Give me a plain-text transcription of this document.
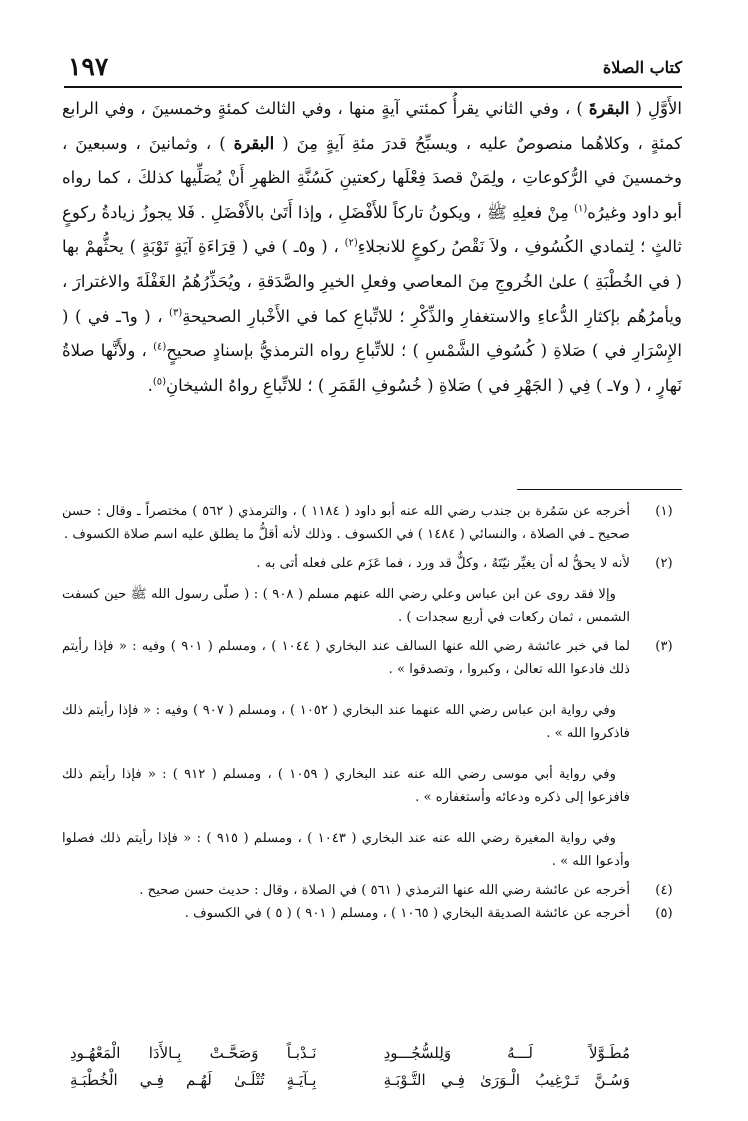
كتاب الصلاة
١٩٧

الأَوَّلِ ( البقرةَ ) ، وفي الثاني يقرأُ كمئتي آيةٍ منها ، وفي الثالث كمئةٍ وخمسينَ ، وفي الرابع كمئةٍ ، وكلاهُما منصوصٌ عليه ، ويسبِّحُ قدرَ مئةِ آيةٍ مِنَ ( البقرة ) ، وثمانينَ ، وسبعينَ ، وخمسينَ في الرُّكوعاتِ ، ولِمَنْ قصدَ فِعْلَها ركعتينِ كَسُنَّةِ الظهرِ أَنْ يُصَلِّيها كذلكَ ، كما رواه أبو داود وغيرُه$^{(١)}$ مِنْ فعلِهِ ﷺ ، ويكونُ تاركاً للأَفْضَلِ ، وإذا أَتَىٰ بالأَفْضَلِ . فَلا يجوزُ زيادةُ ركوعٍ ثالثٍ ؛ لِتمادي الكُسُوفِ ، ولاَ نَقْصُ ركوعٍ للانجلاءِ$^{(٢)}$ ، ( و٥ـ ) في ( قِرَاءَةِ آيَةٍ تَوْبَةٍ ) يحثُّهمْ بها ( في الخُطْبَةِ ) علىٰ الخُروجِ مِنَ المعاصي وفعلِ الخيرِ والصَّدَقةِ ، ويُحَذِّرُهُمُ الغَفْلَةَ والاغترارَ ، ويأمرُهُم بإكثارِ الدُّعاءِ والاستغفارِ والذِّكْرِ ؛ للاتِّباعِ كما في الأَخْبارِ الصحيحةِ$^{(٣)}$ ، ( و٦ـ في ) ( الإِسْرَارِ في ) صَلاةِ ( كُسُوفِ الشَّمْسِ ) ؛ للاتِّباعِ رواه الترمذيُّ بإسنادٍ صحيحٍ$^{(٤)}$ ، ولأَنَّها صلاةُ نَهارٍ ، ( و٧ـ ) فِي ( الجَهْرِ في ) صَلاةِ ( خُسُوفِ القَمَرِ ) ؛ للاتِّباعِ رواهُ الشيخانِ$^{(٥)}$.

(١)
أخرجه عن سَمُرة بن جندب رضي الله عنه أبو داود ( ١١٨٤ ) ، والترمذي ( ٥٦٢ ) مختصراً ـ وقال : حسن صحيح ـ في الصلاة ، والنسائي ( ١٤٨٤ ) في الكسوف . وذلك لأنه أقلُّ ما يطلق عليه اسم صلاة الكسوف .
(٢)
لأنه لا يحقُّ له أن يغيِّر نيّتَهُ ، وكلٌّ قد ورد ، فما عَزَم على فعله أتى به .
وإلا فقد روى عن ابن عباس وعلي رضي الله عنهم مسلم ( ٩٠٨ ) : ( صلّى رسول الله ﷺ حين كسفت الشمس ، ثمان ركعات في أربع سجدات ) .
(٣)
لما في خبر عائشة رضي الله عنها السالف عند البخاري ( ١٠٤٤ ) ، ومسلم ( ٩٠١ ) وفيه : « فإذا رأيتم ذلك فادعوا الله تعالىٰ ، وكبروا ، وتصدقوا » .
وفي رواية ابن عباس رضي الله عنهما عند البخاري ( ١٠٥٢ ) ، ومسلم ( ٩٠٧ ) وفيه : « فإذا رأيتم ذلك فاذكروا الله » .
وفي رواية أبي موسى رضي الله عنه عند البخاري ( ١٠٥٩ ) ، ومسلم ( ٩١٢ ) : « فإذا رأيتم ذلك فافزعوا إلى ذكره ودعائه وأستغفاره » .
وفي رواية المغيرة رضي الله عنه عند البخاري ( ١٠٤٣ ) ، ومسلم ( ٩١٥ ) : « فإذا رأيتم ذلك فصلوا وأدعوا الله » .
(٤)
أخرجه عن عائشة رضي الله عنها الترمذي ( ٥٦١ ) في الصلاة ، وقال : حديث حسن صحيح .
(٥)
أخرجه عن عائشة الصديقة البخاري ( ١٠٦٥ ) ، ومسلم ( ٩٠١ ) ( ٥ ) في الكسوف .
مُطَـوَّلاً لَـــهُ وَلِلسُّجُـــودِ
نَـدْبـاً وَصَحَّـتْ بِـالأَدَا الْمَعْهُـودِ
وَسُـنَّ تَـرْغِيبُ الْـوَرَىٰ فِـي التَّـوْبَـةِ
بِـآيَـةٍ تُتْلَـىٰ لَهُـم فِـي الْخُطْبَـةِ
